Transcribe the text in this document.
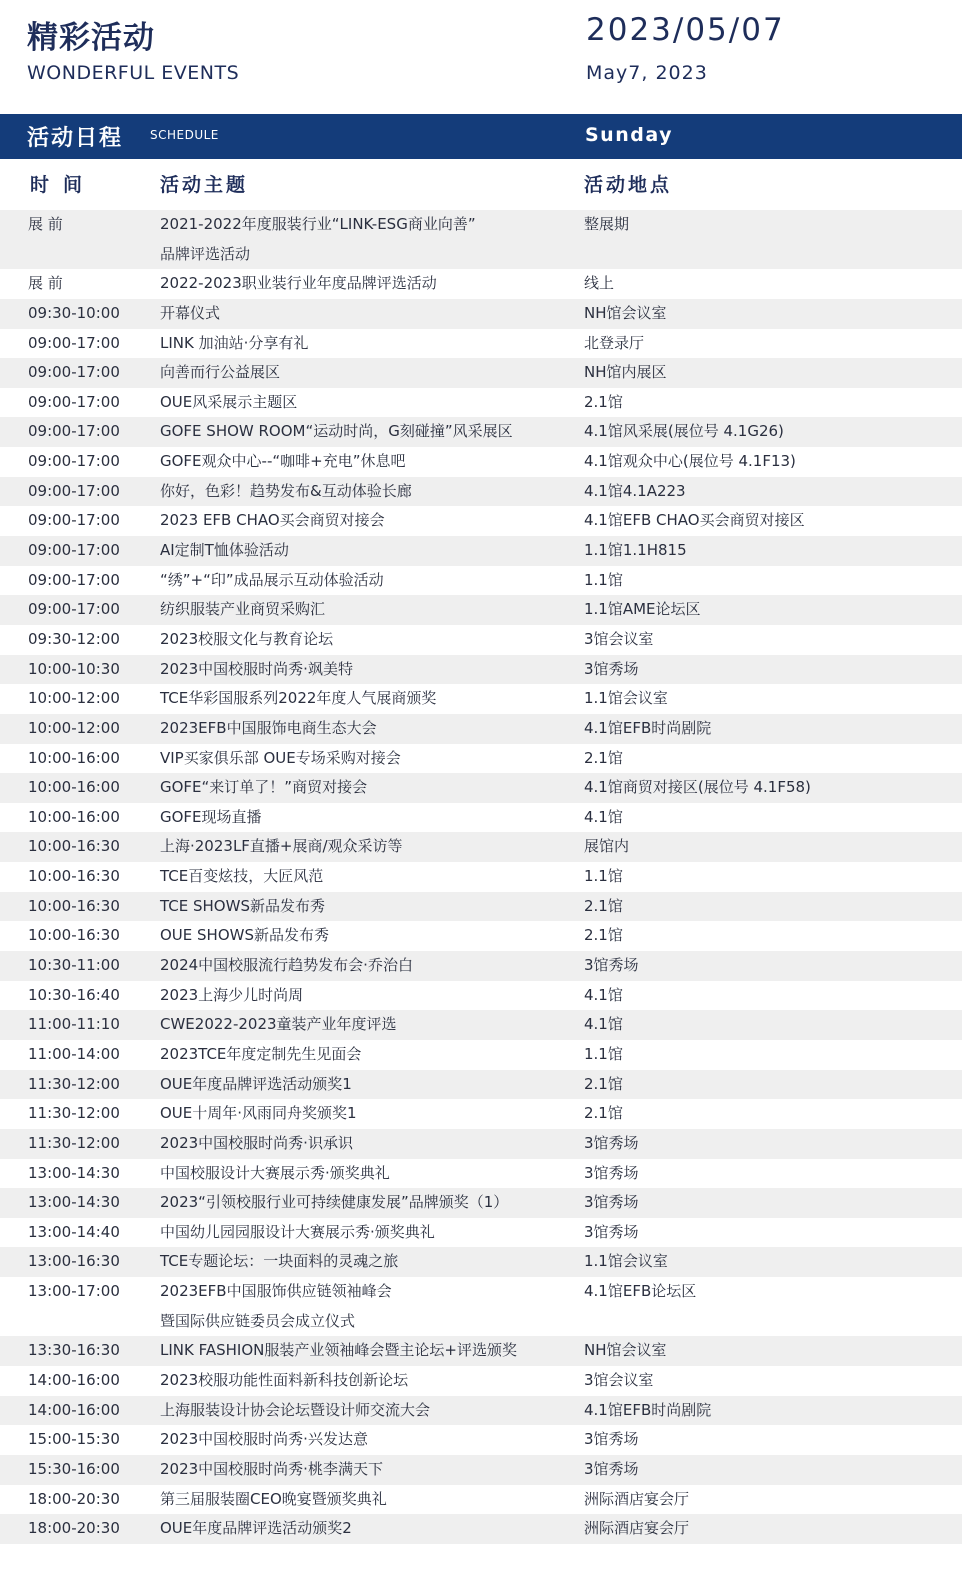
精彩活动
WONDERFUL EVENTS
2023/05/07
May7, 2023
活动日程 SCHEDULE	Sunday
时间	活动主题	活动地点
展 前	2021-2022年度服装行业“LINK-ESG商业向善”	整展期
品牌评选活动
展 前	2022-2023职业装行业年度品牌评选活动	线上
09:30-10:00	开幕仪式	NH馆会议室
09:00-17:00	LINK 加油站·分享有礼	北登录厅
09:00-17:00	向善而行公益展区	NH馆内展区
09:00-17:00	OUE风采展示主题区	2.1馆
09:00-17:00	GOFE SHOW ROOM“运动时尚，G刻碰撞”风采展区	4.1馆风采展(展位号 4.1G26)
09:00-17:00	GOFE观众中心--“咖啡+充电”休息吧	4.1馆观众中心(展位号 4.1F13)
09:00-17:00	你好，色彩！趋势发布&互动体验长廊	4.1馆4.1A223
09:00-17:00	2023 EFB CHAO买会商贸对接会	4.1馆EFB CHAO买会商贸对接区
09:00-17:00	AI定制T恤体验活动	1.1馆1.1H815
09:00-17:00	“绣”+“印”成品展示互动体验活动	1.1馆
09:00-17:00	纺织服装产业商贸采购汇	1.1馆AME论坛区
09:30-12:00	2023校服文化与教育论坛	3馆会议室
10:00-10:30	2023中国校服时尚秀·飒美特	3馆秀场
10:00-12:00	TCE华彩国服系列2022年度人气展商颁奖	1.1馆会议室
10:00-12:00	2023EFB中国服饰电商生态大会	4.1馆EFB时尚剧院
10:00-16:00	VIP买家俱乐部 OUE专场采购对接会	2.1馆
10:00-16:00	GOFE“来订单了！”商贸对接会	4.1馆商贸对接区(展位号 4.1F58)
10:00-16:00	GOFE现场直播	4.1馆
10:00-16:30	上海·2023LF直播+展商/观众采访等	展馆内
10:00-16:30	TCE百变炫技，大匠风范	1.1馆
10:00-16:30	TCE SHOWS新品发布秀	2.1馆
10:00-16:30	OUE SHOWS新品发布秀	2.1馆
10:30-11:00	2024中国校服流行趋势发布会·乔治白	3馆秀场
10:30-16:40	2023上海少儿时尚周	4.1馆
11:00-11:10	CWE2022-2023童装产业年度评选	4.1馆
11:00-14:00	2023TCE年度定制先生见面会	1.1馆
11:30-12:00	OUE年度品牌评选活动颁奖1	2.1馆
11:30-12:00	OUE十周年·风雨同舟奖颁奖1	2.1馆
11:30-12:00	2023中国校服时尚秀·识承识	3馆秀场
13:00-14:30	中国校服设计大赛展示秀·颁奖典礼	3馆秀场
13:00-14:30	2023“引领校服行业可持续健康发展”品牌颁奖（1）	3馆秀场
13:00-14:40	中国幼儿园园服设计大赛展示秀·颁奖典礼	3馆秀场
13:00-16:30	TCE专题论坛：一块面料的灵魂之旅	1.1馆会议室
13:00-17:00	2023EFB中国服饰供应链领袖峰会	4.1馆EFB论坛区
暨国际供应链委员会成立仪式
13:30-16:30	LINK FASHION服装产业领袖峰会暨主论坛+评选颁奖	NH馆会议室
14:00-16:00	2023校服功能性面料新科技创新论坛	3馆会议室
14:00-16:00	上海服装设计协会论坛暨设计师交流大会	4.1馆EFB时尚剧院
15:00-15:30	2023中国校服时尚秀·兴发达意	3馆秀场
15:30-16:00	2023中国校服时尚秀·桃李满天下	3馆秀场
18:00-20:30	第三届服装圈CEO晚宴暨颁奖典礼	洲际酒店宴会厅
18:00-20:30	OUE年度品牌评选活动颁奖2	洲际酒店宴会厅
